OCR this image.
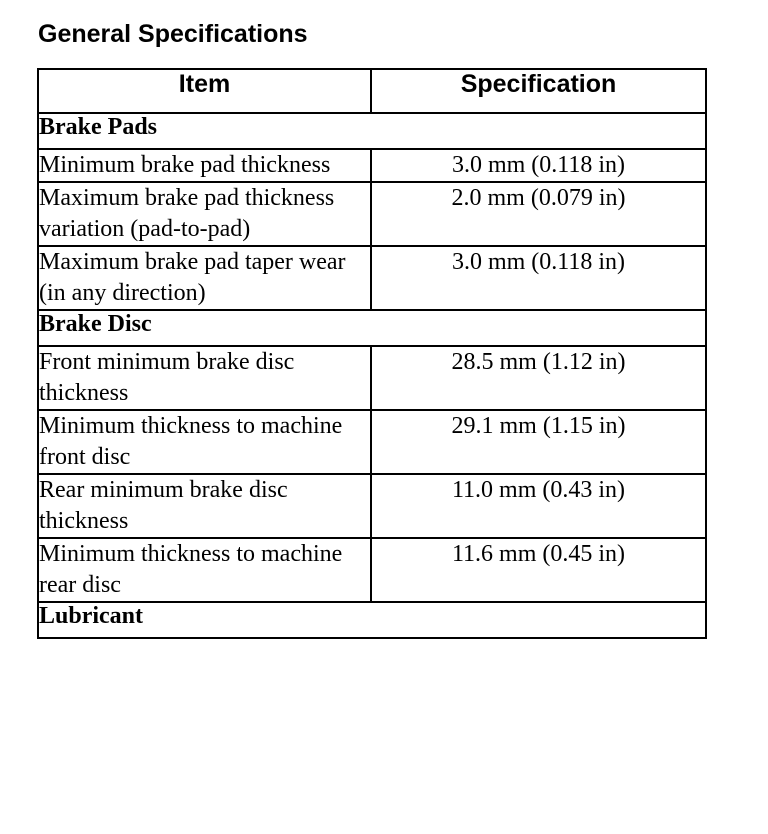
General Specifications
Item	Specification
Brake Pads	
Minimum brake pad thickness	3.0 mm (0.118 in)
Maximum brake pad thickness variation (pad-to-pad)	2.0 mm (0.079 in)
Maximum brake pad taper wear (in any direction)	3.0 mm (0.118 in)
Brake Disc	
Front minimum brake disc thickness	28.5 mm (1.12 in)
Minimum thickness to machine front disc	29.1 mm (1.15 in)
Rear minimum brake disc thickness	11.0 mm (0.43 in)
Minimum thickness to machine rear disc	11.6 mm (0.45 in)
Lubricant	
